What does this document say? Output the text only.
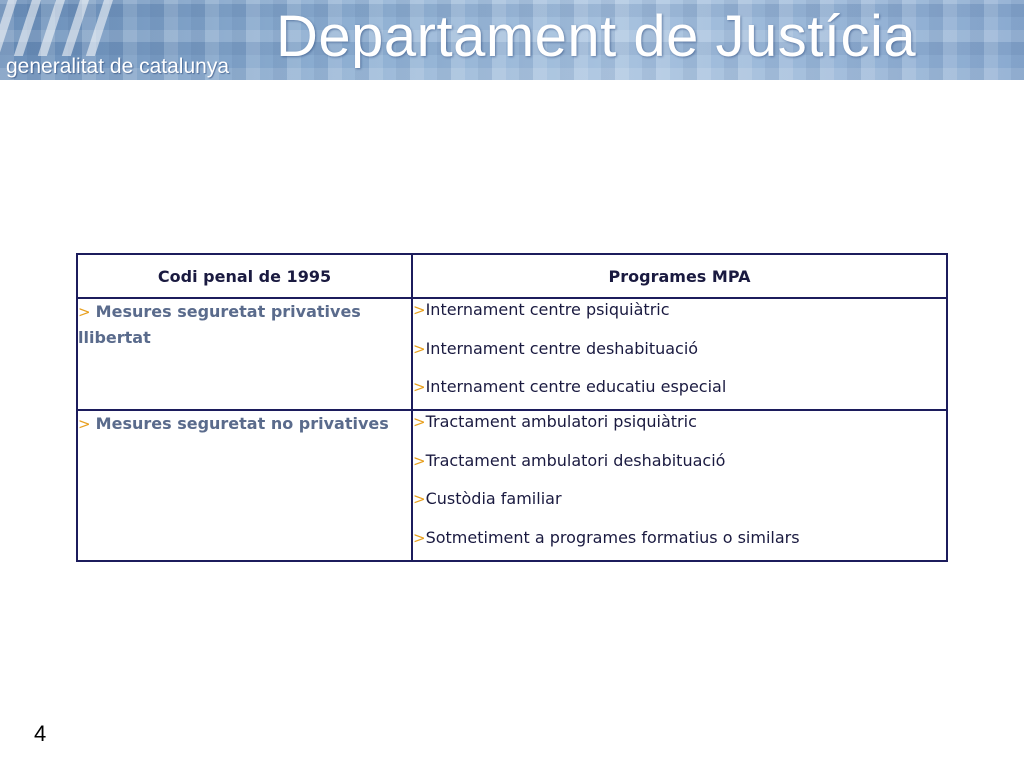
Departament de Justícia
generalitat de catalunya
Codi penal de 1995	Programes MPA
> Mesures seguretat privatives llibertat	>Internament centre psiquiàtric
>Internament centre deshabituació
>Internament centre educatiu especial

> Mesures seguretat no privatives	>Tractament ambulatori psiquiàtric
>Tractament ambulatori deshabituació
>Custòdia familiar
>Sotmetiment a programes formatius o similars
4
